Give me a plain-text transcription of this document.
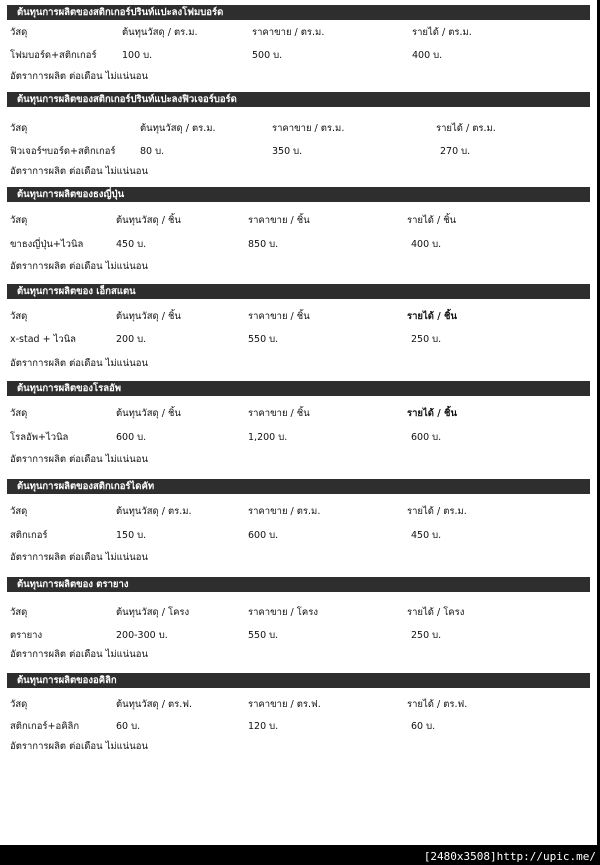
ต้นทุนการผลิตของสติกเกอร์ปรินท์แปะลงโฟมบอร์ด
วัสดุ	ต้นทุนวัสดุ / ตร.ม.	ราคาขาย / ตร.ม.	รายได้ / ตร.ม.
โฟมบอร์ด+สติกเกอร์	100 บ.	500 บ.	400 บ.
อัตราการผลิต ต่อเดือน ไม่แน่นอน
ต้นทุนการผลิตของสติกเกอร์ปรินท์แปะลงฟิวเจอร์บอร์ด
วัสดุ	ต้นทุนวัสดุ / ตร.ม.	ราคาขาย / ตร.ม.	รายได้ / ตร.ม.
ฟิวเจอร์ฯบอร์ด+สติกเกอร์	80 บ.	350 บ.	270 บ.
อัตราการผลิต ต่อเดือน ไม่แน่นอน
ต้นทุนการผลิตของธงญี่ปุ่น
วัสดุ	ต้นทุนวัสดุ / ชิ้น	ราคาขาย / ชิ้น	รายได้ / ชิ้น
ขาธงญี่ปุ่น+ไวนิล	450 บ.	850 บ.	400 บ.
อัตราการผลิต ต่อเดือน ไม่แน่นอน
ต้นทุนการผลิตของ เอ็กสแตน
วัสดุ	ต้นทุนวัสดุ / ชิ้น	ราคาขาย / ชิ้น	รายได้ / ชิ้น
x-stad + ไวนิล	200 บ.	550 บ.	250 บ.
อัตราการผลิต ต่อเดือน ไม่แน่นอน
ต้นทุนการผลิตของโรลอัพ
วัสดุ	ต้นทุนวัสดุ / ชิ้น	ราคาขาย / ชิ้น	รายได้ / ชิ้น
โรลอัพ+ไวนิล	600 บ.	1,200 บ.	600 บ.
อัตราการผลิต ต่อเดือน ไม่แน่นอน
ต้นทุนการผลิตของสติกเกอร์ไดคัท
วัสดุ	ต้นทุนวัสดุ / ตร.ม.	ราคาขาย / ตร.ม.	รายได้ / ตร.ม.
สติกเกอร์	150 บ.	600 บ.	450 บ.
อัตราการผลิต ต่อเดือน ไม่แน่นอน
ต้นทุนการผลิตของ ตรายาง
วัสดุ	ต้นทุนวัสดุ / โครง	ราคาขาย / โครง	รายได้ / โครง
ตรายาง	200-300 บ.	550 บ.	250 บ.
อัตราการผลิต ต่อเดือน ไม่แน่นอน
ต้นทุนการผลิตของอคิลิก
วัสดุ	ต้นทุนวัสดุ / ตร.ฟ.	ราคาขาย / ตร.ฟ.	รายได้ / ตร.ฟ.
สติกเกอร์+อคิลิก	60 บ.	120 บ.	60 บ.
อัตราการผลิต ต่อเดือน ไม่แน่นอน
[2480x3508]http://upic.me/
